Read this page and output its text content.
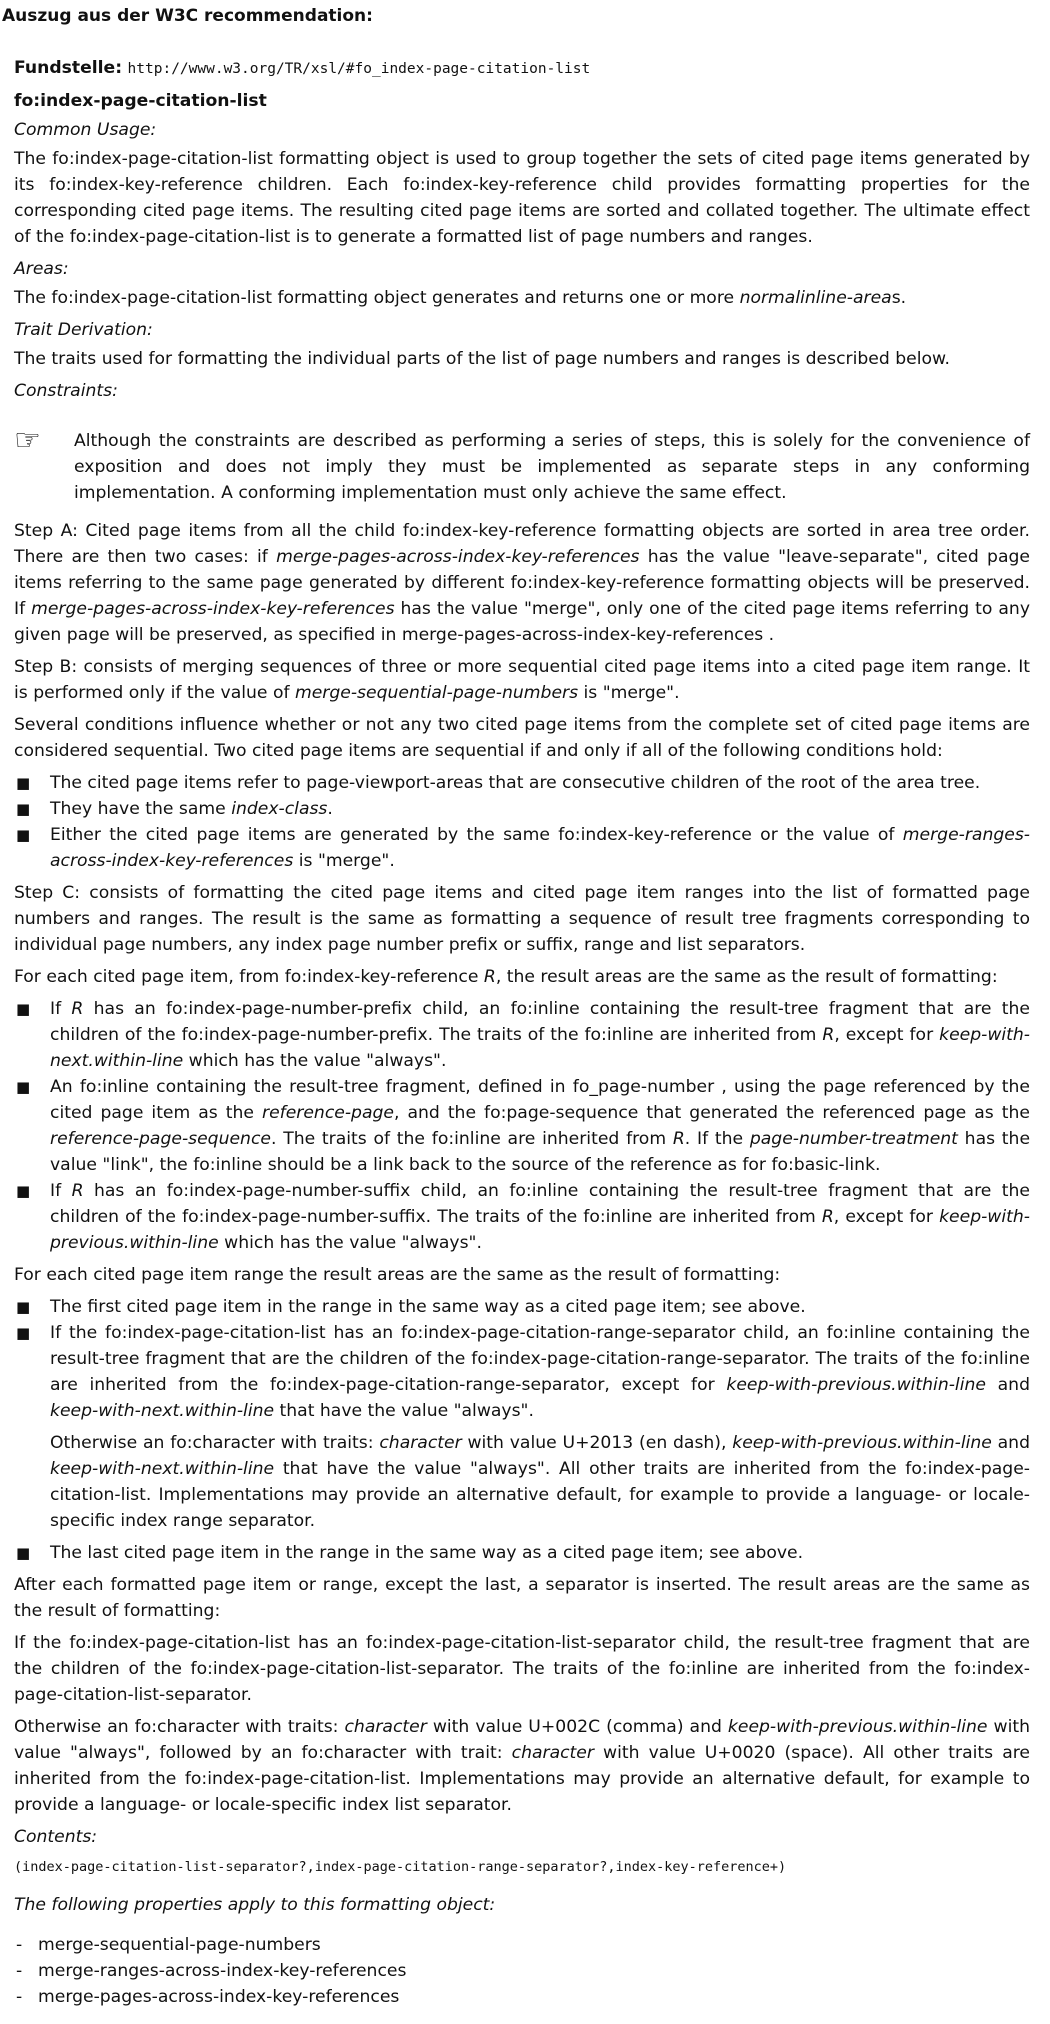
Auszug aus der W3C recommendation:

Fundstelle: http://www.w3.org/TR/xsl/#fo_index-page-citation-list

fo:index-page-citation-list

Common Usage:

The fo:index-page-citation-list formatting object is used to group together the sets of cited page items generated by its fo:index-key-reference children. Each fo:index-key-reference child provides formatting properties for the corresponding cited page items. The resulting cited page items are sorted and collated together. The ultimate effect of the fo:index-page-citation-list is to generate a formatted list of page numbers and ranges.

Areas:

The fo:index-page-citation-list formatting object generates and returns one or more normalinline-areas.

Trait Derivation:

The traits used for formatting the individual parts of the list of page numbers and ranges is described below.

Constraints:

☞	Although the constraints are described as performing a series of steps, this is solely for the convenience of exposition and does not imply they must be implemented as separate steps in any conforming implementation. A conforming implementation must only achieve the same effect.

Step A: Cited page items from all the child fo:index-key-reference formatting objects are sorted in area tree order. There are then two cases: if merge-pages-across-index-key-references has the value "leave-separate", cited page items referring to the same page generated by different fo:index-key-reference formatting objects will be preserved. If merge-pages-across-index-key-references has the value "merge", only one of the cited page items referring to any given page will be preserved, as specified in merge-pages-across-index-key-references .

Step B: consists of merging sequences of three or more sequential cited page items into a cited page item range. It is performed only if the value of merge-sequential-page-numbers is "merge".

Several conditions influence whether or not any two cited page items from the complete set of cited page items are considered sequential. Two cited page items are sequential if and only if all of the following conditions hold:

■ The cited page items refer to page-viewport-areas that are consecutive children of the root of the area tree.
■ They have the same index-class.
■ Either the cited page items are generated by the same fo:index-key-reference or the value of merge-ranges-across-index-key-references is "merge".

Step C: consists of formatting the cited page items and cited page item ranges into the list of formatted page numbers and ranges. The result is the same as formatting a sequence of result tree fragments corresponding to individual page numbers, any index page number prefix or suffix, range and list separators.

For each cited page item, from fo:index-key-reference R, the result areas are the same as the result of formatting:

■ If R has an fo:index-page-number-prefix child, an fo:inline containing the result-tree fragment that are the children of the fo:index-page-number-prefix. The traits of the fo:inline are inherited from R, except for keep-with-next.within-line which has the value "always".
■ An fo:inline containing the result-tree fragment, defined in fo_page-number , using the page referenced by the cited page item as the reference-page, and the fo:page-sequence that generated the referenced page as the reference-page-sequence. The traits of the fo:inline are inherited from R. If the page-number-treatment has the value "link", the fo:inline should be a link back to the source of the reference as for fo:basic-link.
■ If R has an fo:index-page-number-suffix child, an fo:inline containing the result-tree fragment that are the children of the fo:index-page-number-suffix. The traits of the fo:inline are inherited from R, except for keep-with-previous.within-line which has the value "always".

For each cited page item range the result areas are the same as the result of formatting:

■ The first cited page item in the range in the same way as a cited page item; see above.
■ If the fo:index-page-citation-list has an fo:index-page-citation-range-separator child, an fo:inline containing the result-tree fragment that are the children of the fo:index-page-citation-range-separator. The traits of the fo:inline are inherited from the fo:index-page-citation-range-separator, except for keep-with-previous.within-line and keep-with-next.within-line that have the value "always".

Otherwise an fo:character with traits: character with value U+2013 (en dash), keep-with-previous.within-line and keep-with-next.within-line that have the value "always". All other traits are inherited from the fo:index-page-citation-list. Implementations may provide an alternative default, for example to provide a language- or locale-specific index range separator.

■ The last cited page item in the range in the same way as a cited page item; see above.

After each formatted page item or range, except the last, a separator is inserted. The result areas are the same as the result of formatting:

If the fo:index-page-citation-list has an fo:index-page-citation-list-separator child, the result-tree fragment that are the children of the fo:index-page-citation-list-separator. The traits of the fo:inline are inherited from the fo:index-page-citation-list-separator.

Otherwise an fo:character with traits: character with value U+002C (comma) and keep-with-previous.within-line with value "always", followed by an fo:character with trait: character with value U+0020 (space). All other traits are inherited from the fo:index-page-citation-list. Implementations may provide an alternative default, for example to provide a language- or locale-specific index list separator.

Contents:

(index-page-citation-list-separator?,index-page-citation-range-separator?,index-key-reference+)

The following properties apply to this formatting object:

- merge-sequential-page-numbers
- merge-ranges-across-index-key-references
- merge-pages-across-index-key-references
